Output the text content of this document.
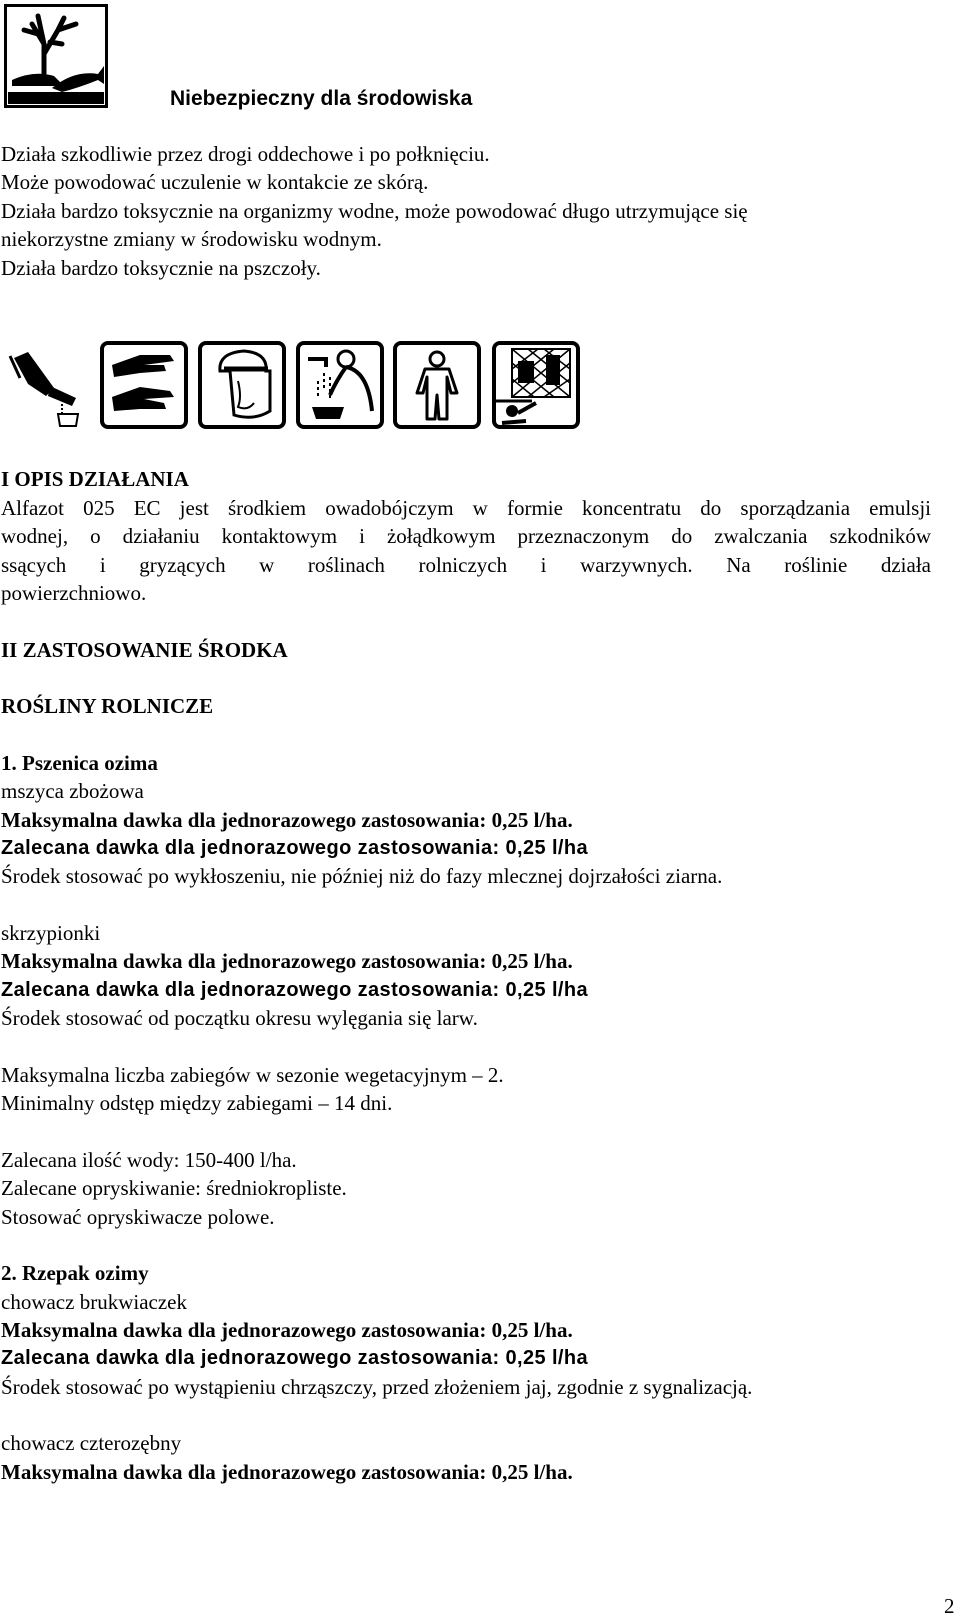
Niebezpieczny dla środowiska
Działa szkodliwie przez drogi oddechowe i po połknięciu.
Może powodować uczulenie w kontakcie ze skórą.
Działa bardzo toksycznie na organizmy wodne, może powodować długo utrzymujące się
niekorzystne zmiany w środowisku wodnym.
Działa bardzo toksycznie na pszczoły.
I OPIS DZIAŁANIA
Alfazot 025 EC jest środkiem owadobójczym w formie koncentratu do sporządzania emulsji
wodnej, o działaniu kontaktowym i żołądkowym przeznaczonym do zwalczania szkodników
ssących i gryzących w roślinach rolniczych i warzywnych. Na roślinie działa
powierzchniowo.
II ZASTOSOWANIE ŚRODKA
ROŚLINY ROLNICZE
1. Pszenica ozima
mszyca zbożowa
Maksymalna dawka dla jednorazowego zastosowania: 0,25 l/ha.
Zalecana dawka dla jednorazowego zastosowania: 0,25 l/ha
Środek stosować po wykłoszeniu, nie później niż do fazy mlecznej dojrzałości ziarna.
skrzypionki
Maksymalna dawka dla jednorazowego zastosowania: 0,25 l/ha.
Zalecana dawka dla jednorazowego zastosowania: 0,25 l/ha
Środek stosować od początku okresu wylęgania się larw.
Maksymalna liczba zabiegów w sezonie wegetacyjnym – 2.
Minimalny odstęp między zabiegami – 14 dni.
Zalecana ilość wody: 150-400 l/ha.
Zalecane opryskiwanie: średniokropliste.
Stosować opryskiwacze polowe.
2. Rzepak ozimy
chowacz brukwiaczek
Maksymalna dawka dla jednorazowego zastosowania: 0,25 l/ha.
Zalecana dawka dla jednorazowego zastosowania: 0,25 l/ha
Środek stosować po wystąpieniu chrząszczy, przed złożeniem jaj, zgodnie z sygnalizacją.
chowacz czterozębny
Maksymalna dawka dla jednorazowego zastosowania: 0,25 l/ha.
2
